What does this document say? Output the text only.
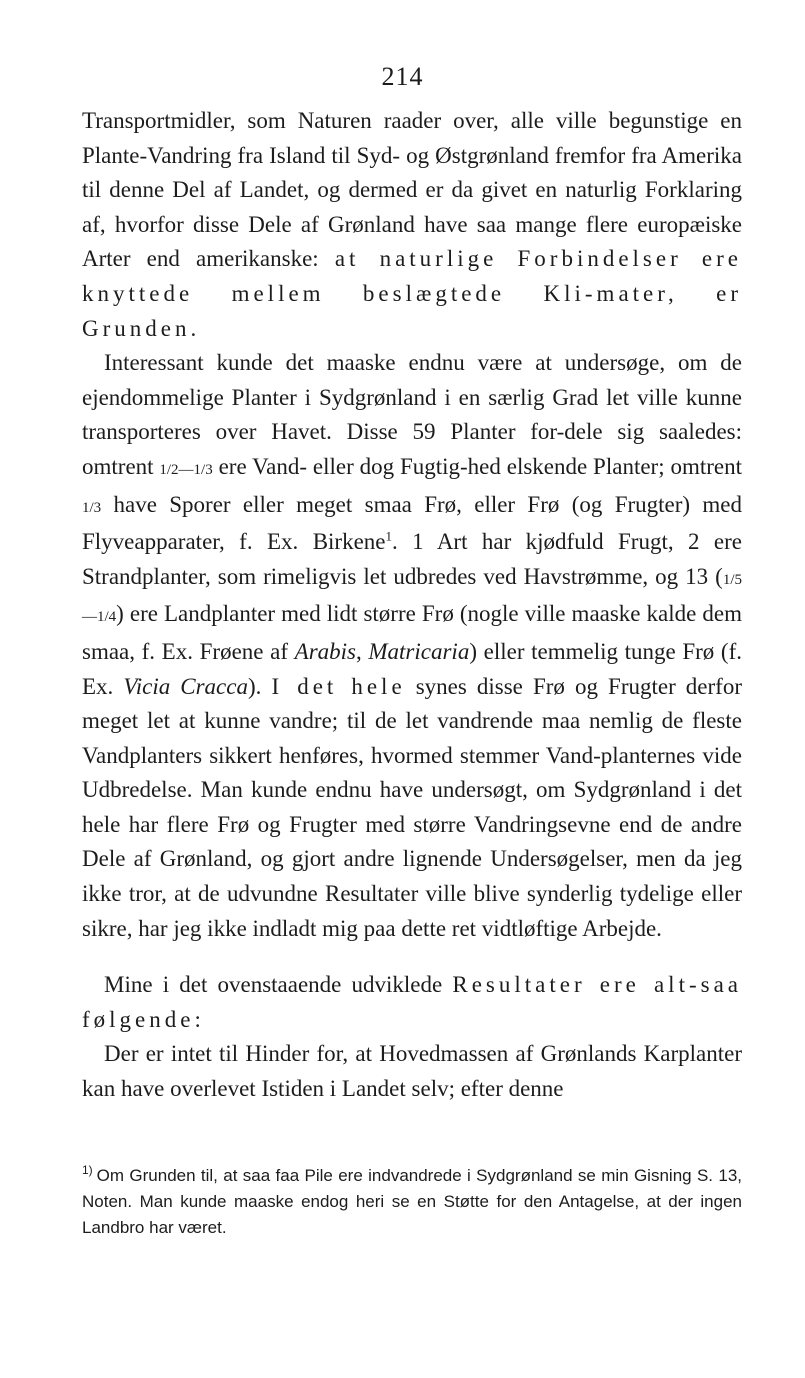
214

Transportmidler, som Naturen raader over, alle ville begunstige en Plante-Vandring fra Island til Syd- og Østgrønland fremfor fra Amerika til denne Del af Landet, og dermed er da givet en naturlig Forklaring af, hvorfor disse Dele af Grønland have saa mange flere europæiske Arter end amerikanske: at naturlige Forbindelser ere knyttede mellem beslægtede Kli-mater, er Grunden.

Interessant kunde det maaske endnu være at undersøge, om de ejendommelige Planter i Sydgrønland i en særlig Grad let ville kunne transporteres over Havet. Disse 59 Planter for-dele sig saaledes: omtrent 1/2—1/3 ere Vand- eller dog Fugtig-hed elskende Planter; omtrent 1/3 have Sporer eller meget smaa Frø, eller Frø (og Frugter) med Flyveapparater, f. Ex. Birkene$^1$. 1 Art har kjødfuld Frugt, 2 ere Strandplanter, som rimeligvis let udbredes ved Havstrømme, og 13 (1/5—1/4) ere Landplanter med lidt større Frø (nogle ville maaske kalde dem smaa, f. Ex. Frøene af Arabis, Matricaria) eller temmelig tunge Frø (f. Ex. Vicia Cracca). I det hele synes disse Frø og Frugter derfor meget let at kunne vandre; til de let vandrende maa nemlig de fleste Vandplanters sikkert henføres, hvormed stemmer Vand-planternes vide Udbredelse. Man kunde endnu have undersøgt, om Sydgrønland i det hele har flere Frø og Frugter med større Vandringsevne end de andre Dele af Grønland, og gjort andre lignende Undersøgelser, men da jeg ikke tror, at de udvundne Resultater ville blive synderlig tydelige eller sikre, har jeg ikke indladt mig paa dette ret vidtløftige Arbejde.

Mine i det ovenstaaende udviklede Resultater ere alt-saa følgende:

Der er intet til Hinder for, at Hovedmassen af Grønlands Karplanter kan have overlevet Istiden i Landet selv; efter denne

$^{1)}$ Om Grunden til, at saa faa Pile ere indvandrede i Sydgrønland se min Gisning S. 13, Noten. Man kunde maaske endog heri se en Støtte for den Antagelse, at der ingen Landbro har været.
